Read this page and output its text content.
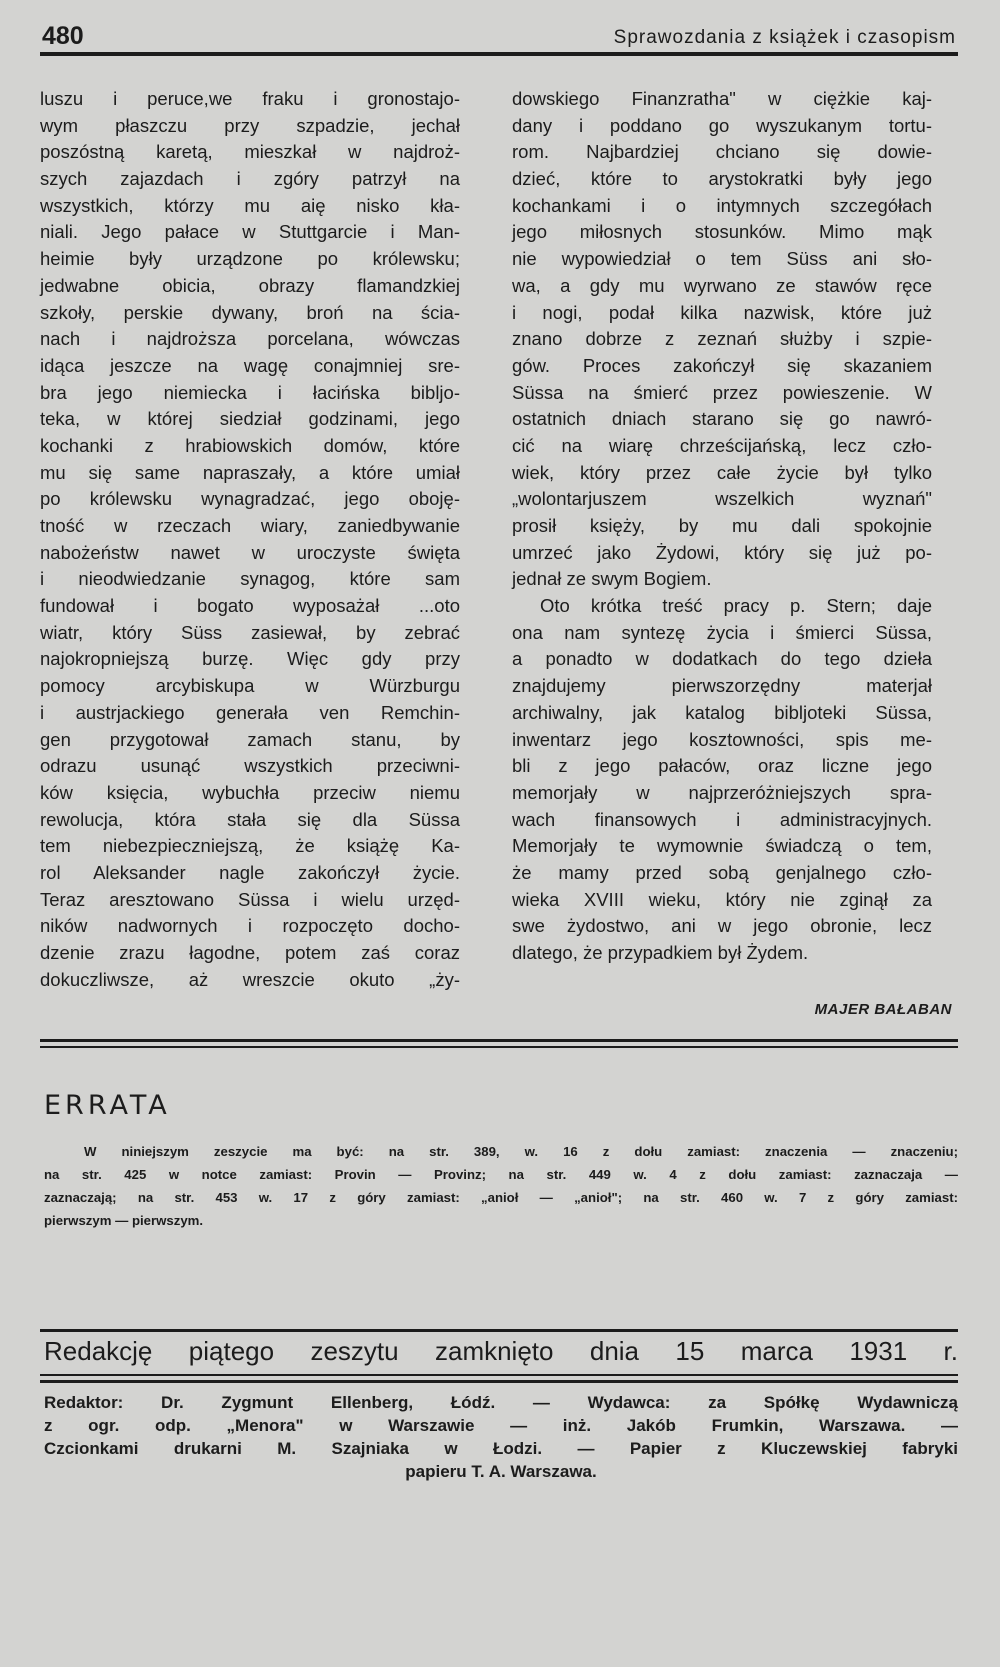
480	Sprawozdania z książek i czasopism
luszu i peruce,we fraku i gronostajo-
wym płaszczu przy szpadzie, jechał
poszóstną karetą, mieszkał w najdroż-
szych zajazdach i zgóry patrzył na
wszystkich, którzy mu aię nisko kła-
niali. Jego pałace w Stuttgarcie i Man-
heimie były urządzone po królewsku;
jedwabne obicia, obrazy flamandzkiej
szkoły, perskie dywany, broń na ścia-
nach i najdroższa porcelana, wówczas
idąca jeszcze na wagę conajmniej sre-
bra jego niemiecka i łacińska bibljo-
teka, w której siedział godzinami, jego
kochanki z hrabiowskich domów, które
mu się same napraszały, a które umiał
po królewsku wynagradzać, jego oboję-
tność w rzeczach wiary, zaniedbywanie
nabożeństw nawet w uroczyste święta
i nieodwiedzanie synagog, które sam
fundował i bogato wyposażał ...oto
wiatr, który Süss zasiewał, by zebrać
najokropniejszą burzę. Więc gdy przy
pomocy arcybiskupa w Würzburgu
i austrjackiego generała ven Remchin-
gen przygotował zamach stanu, by
odrazu usunąć wszystkich przeciwni-
ków księcia, wybuchła przeciw niemu
rewolucja, która stała się dla Süssa
tem niebezpieczniejszą, że książę Ka-
rol Aleksander nagle zakończył życie.
Teraz aresztowano Süssa i wielu urzęd-
ników nadwornych i rozpoczęto docho-
dzenie zrazu łagodne, potem zaś coraz
dokuczliwsze, aż wreszcie okuto „ży-
dowskiego Finanzratha" w ciężkie kaj-
dany i poddano go wyszukanym tortu-
rom. Najbardziej chciano się dowie-
dzieć, które to arystokratki były jego
kochankami i o intymnych szczegółach
jego miłosnych stosunków. Mimo mąk
nie wypowiedział o tem Süss ani sło-
wa, a gdy mu wyrwano ze stawów ręce
i nogi, podał kilka nazwisk, które już
znano dobrze z zeznań służby i szpie-
gów. Proces zakończył się skazaniem
Süssa na śmierć przez powieszenie. W
ostatnich dniach starano się go nawró-
cić na wiarę chrześcijańską, lecz czło-
wiek, który przez całe życie był tylko
„wolontarjuszem wszelkich wyznań"
prosił księży, by mu dali spokojnie
umrzeć jako Żydowi, który się już po-
jednał ze swym Bogiem.
Oto krótka treść pracy p. Stern; daje
ona nam syntezę życia i śmierci Süssa,
a ponadto w dodatkach do tego dzieła
znajdujemy pierwszorzędny materjał
archiwalny, jak katalog bibljoteki Süssa,
inwentarz jego kosztowności, spis me-
bli z jego pałaców, oraz liczne jego
memorjały w najprzeróżniejszych spra-
wach finansowych i administracyjnych.
Memorjały te wymownie świadczą o tem,
że mamy przed sobą genjalnego czło-
wieka XVIII wieku, który nie zginął za
swe żydostwo, ani w jego obronie, lecz
dlatego, że przypadkiem był Żydem.
MAJER BAŁABAN
ERRATA
W niniejszym zeszycie ma być: na str. 389, w. 16 z dołu zamiast: znaczenia — znaczeniu;
na str. 425 w notce zamiast: Provin — Provinz; na str. 449 w. 4 z dołu zamiast: zaznaczaja —
zaznaczają; na str. 453 w. 17 z góry zamiast: „anioł — „anioł"; na str. 460 w. 7 z góry zamiast:
pierwszym — pierwszym.
Redakcję piątego zeszytu zamknięto dnia 15 marca 1931 r.
Redaktor: Dr. Zygmunt Ellenberg, Łódź. — Wydawca: za Spółkę Wydawniczą
z ogr. odp. „Menora" w Warszawie — inż. Jakób Frumkin, Warszawa. —
Czcionkami drukarni M. Szajniaka w Łodzi. — Papier z Kluczewskiej fabryki
papieru T. A. Warszawa.
